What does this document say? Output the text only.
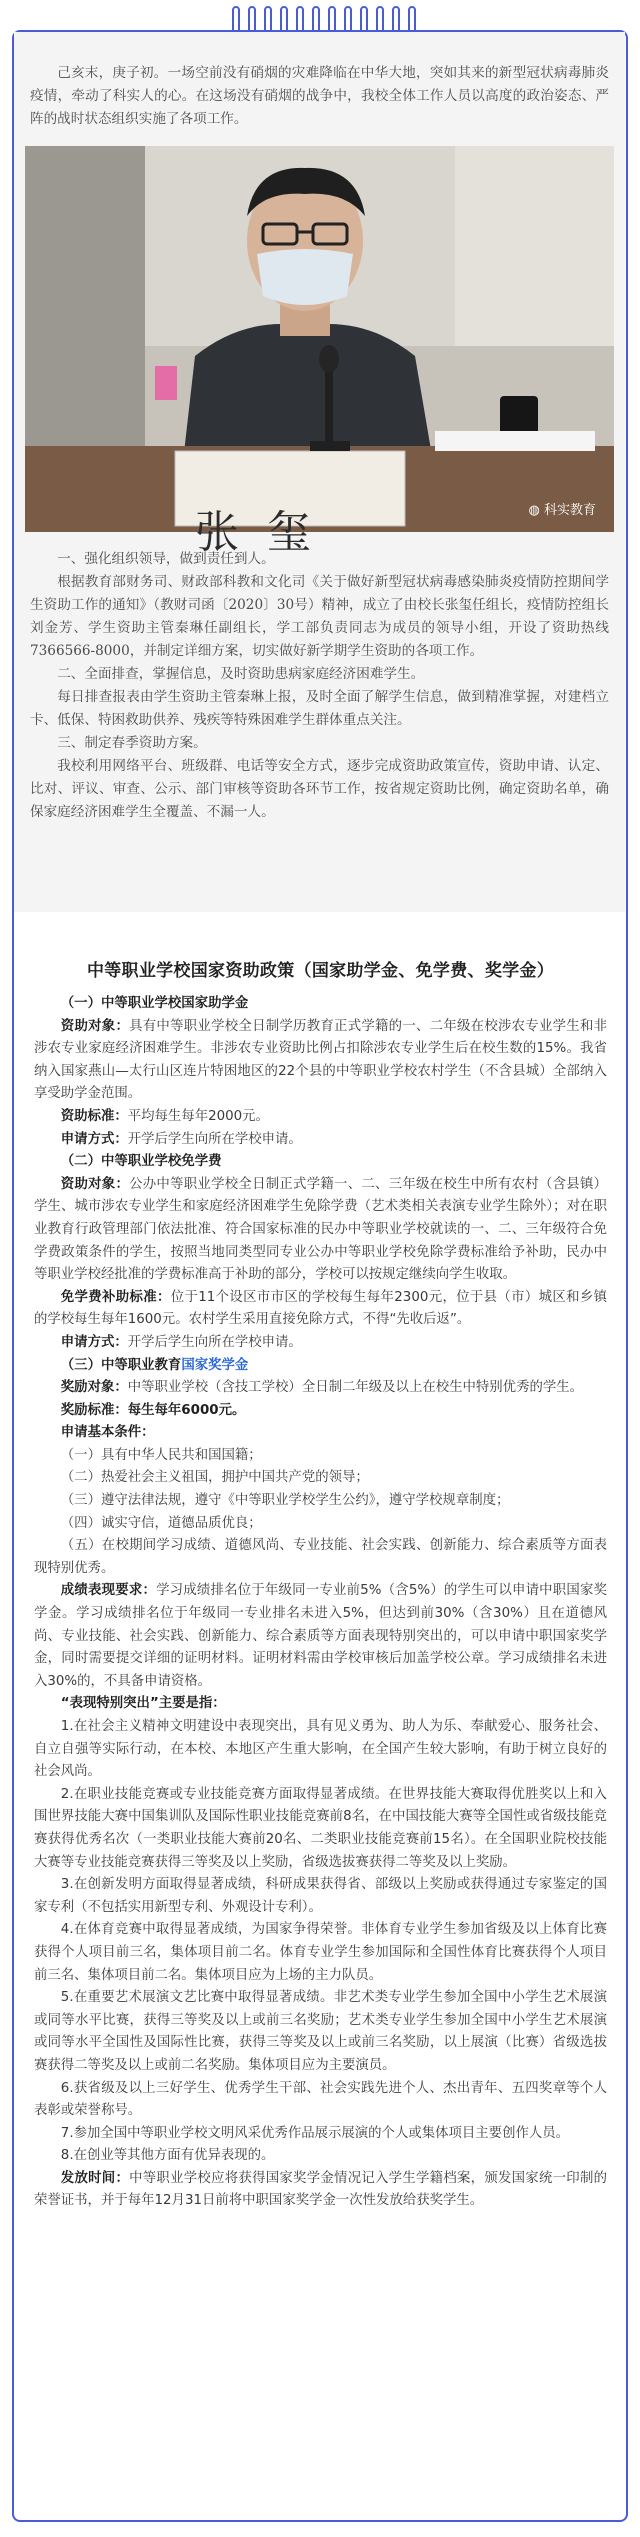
己亥末，庚子初。一场空前没有硝烟的灾难降临在中华大地，突如其来的新型冠状病毒肺炎疫情，牵动了科实人的心。在这场没有硝烟的战争中，我校全体工作人员以高度的政治姿态、严阵的战时状态组织实施了各项工作。

张玺	◍ 科实教育

一、强化组织领导，做到责任到人。

根据教育部财务司、财政部科教和文化司《关于做好新型冠状病毒感染肺炎疫情防控期间学生资助工作的通知》（教财司函〔2020〕30号）精神，成立了由校长张玺任组长，疫情防控组长刘金芳、学生资助主管秦琳任副组长，学工部负责同志为成员的领导小组，开设了资助热线7366566-8000，并制定详细方案，切实做好新学期学生资助的各项工作。

二、全面排查，掌握信息，及时资助患病家庭经济困难学生。

每日排查报表由学生资助主管秦琳上报，及时全面了解学生信息，做到精准掌握，对建档立卡、低保、特困救助供养、残疾等特殊困难学生群体重点关注。

三、制定春季资助方案。

我校利用网络平台、班级群、电话等安全方式，逐步完成资助政策宣传，资助申请、认定、比对、评议、审查、公示、部门审核等资助各环节工作，按省规定资助比例，确定资助名单，确保家庭经济困难学生全覆盖、不漏一人。

中等职业学校国家资助政策（国家助学金、免学费、奖学金）

（一）中等职业学校国家助学金

资助对象：具有中等职业学校全日制学历教育正式学籍的一、二年级在校涉农专业学生和非涉农专业家庭经济困难学生。非涉农专业资助比例占扣除涉农专业学生后在校生数的15%。我省纳入国家燕山—太行山区连片特困地区的22个县的中等职业学校农村学生（不含县城）全部纳入享受助学金范围。

资助标准：平均每生每年2000元。

申请方式：开学后学生向所在学校申请。

（二）中等职业学校免学费

资助对象：公办中等职业学校全日制正式学籍一、二、三年级在校生中所有农村（含县镇）学生、城市涉农专业学生和家庭经济困难学生免除学费（艺术类相关表演专业学生除外）；对在职业教育行政管理部门依法批准、符合国家标准的民办中等职业学校就读的一、二、三年级符合免学费政策条件的学生，按照当地同类型同专业公办中等职业学校免除学费标准给予补助，民办中等职业学校经批准的学费标准高于补助的部分，学校可以按规定继续向学生收取。

免学费补助标准：位于11个设区市市区的学校每生每年2300元，位于县（市）城区和乡镇的学校每生每年1600元。农村学生采用直接免除方式，不得“先收后返”。

申请方式：开学后学生向所在学校申请。

（三）中等职业教育国家奖学金

奖励对象：中等职业学校（含技工学校）全日制二年级及以上在校生中特别优秀的学生。

奖励标准：每生每年6000元。

申请基本条件：

（一）具有中华人民共和国国籍；

（二）热爱社会主义祖国，拥护中国共产党的领导；

（三）遵守法律法规，遵守《中等职业学校学生公约》，遵守学校规章制度；

（四）诚实守信，道德品质优良；

（五）在校期间学习成绩、道德风尚、专业技能、社会实践、创新能力、综合素质等方面表现特别优秀。

成绩表现要求：学习成绩排名位于年级同一专业前5%（含5%）的学生可以申请中职国家奖学金。学习成绩排名位于年级同一专业排名未进入5%，但达到前30%（含30%）且在道德风尚、专业技能、社会实践、创新能力、综合素质等方面表现特别突出的，可以申请中职国家奖学金，同时需要提交详细的证明材料。证明材料需由学校审核后加盖学校公章。学习成绩排名未进入30%的，不具备申请资格。

“表现特别突出”主要是指：

1.在社会主义精神文明建设中表现突出，具有见义勇为、助人为乐、奉献爱心、服务社会、自立自强等实际行动，在本校、本地区产生重大影响，在全国产生较大影响，有助于树立良好的社会风尚。

2.在职业技能竞赛或专业技能竞赛方面取得显著成绩。在世界技能大赛取得优胜奖以上和入围世界技能大赛中国集训队及国际性职业技能竞赛前8名，在中国技能大赛等全国性或省级技能竞赛获得优秀名次（一类职业技能大赛前20名、二类职业技能竞赛前15名）。在全国职业院校技能大赛等专业技能竞赛获得三等奖及以上奖励，省级选拔赛获得二等奖及以上奖励。

3.在创新发明方面取得显著成绩，科研成果获得省、部级以上奖励或获得通过专家鉴定的国家专利（不包括实用新型专利、外观设计专利）。

4.在体育竞赛中取得显著成绩，为国家争得荣誉。非体育专业学生参加省级及以上体育比赛获得个人项目前三名，集体项目前二名。体育专业学生参加国际和全国性体育比赛获得个人项目前三名、集体项目前二名。集体项目应为上场的主力队员。

5.在重要艺术展演文艺比赛中取得显著成绩。非艺术类专业学生参加全国中小学生艺术展演或同等水平比赛，获得三等奖及以上或前三名奖励；艺术类专业学生参加全国中小学生艺术展演或同等水平全国性及国际性比赛，获得三等奖及以上或前三名奖励，以上展演（比赛）省级选拔赛获得二等奖及以上或前二名奖励。集体项目应为主要演员。

6.获省级及以上三好学生、优秀学生干部、社会实践先进个人、杰出青年、五四奖章等个人表彰或荣誉称号。

7.参加全国中等职业学校文明风采优秀作品展示展演的个人或集体项目主要创作人员。

8.在创业等其他方面有优异表现的。

发放时间：中等职业学校应将获得国家奖学金情况记入学生学籍档案，颁发国家统一印制的荣誉证书，并于每年12月31日前将中职国家奖学金一次性发放给获奖学生。
